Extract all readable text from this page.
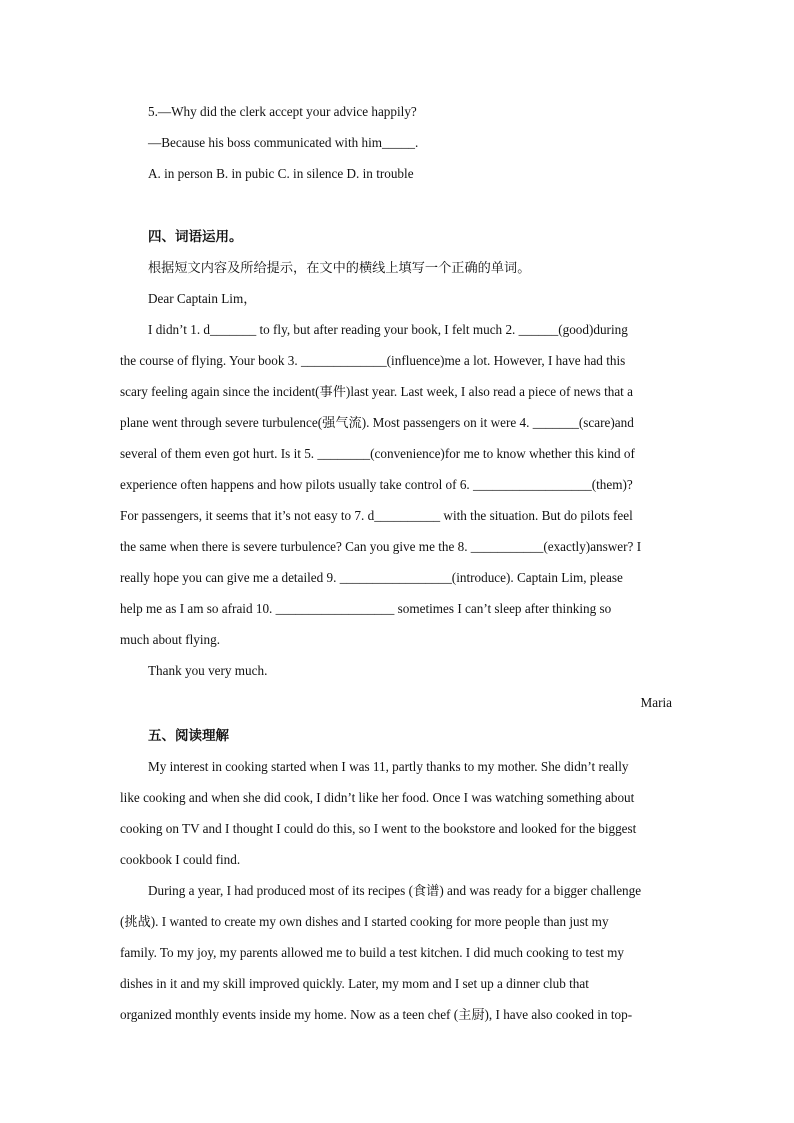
5.—Why did the clerk accept your advice happily?
—Because his boss communicated with him_____.
A. in person B. in pubic C. in silence D. in trouble
四、词语运用。
根据短文内容及所给提示，在文中的横线上填写一个正确的单词。
Dear Captain Lim，
I didn’t 1. d_______ to fly, but after reading your book, I felt much 2. ______(good)during
the course of flying. Your book 3. _____________(influence)me a lot. However, I have had this
scary feeling again since the incident(事件)last year. Last week, I also read a piece of news that a
plane went through severe turbulence(强气流). Most passengers on it were 4. _______(scare)and
several of them even got hurt. Is it 5. ________(convenience)for me to know whether this kind of
experience often happens and how pilots usually take control of 6. __________________(them)?
For passengers, it seems that it’s not easy to 7. d__________ with the situation. But do pilots feel
the same when there is severe turbulence? Can you give me the 8. ___________(exactly)answer? I
really hope you can give me a detailed 9. _________________(introduce). Captain Lim, please
help me as I am so afraid 10. __________________ sometimes I can’t sleep after thinking so
much about flying.
Thank you very much.
Maria
五、阅读理解
My interest in cooking started when I was 11, partly thanks to my mother. She didn’t really
like cooking and when she did cook, I didn’t like her food. Once I was watching something about
cooking on TV and I thought I could do this, so I went to the bookstore and looked for the biggest
cookbook I could find.
During a year, I had produced most of its recipes (食谱) and was ready for a bigger challenge
(挑战). I wanted to create my own dishes and I started cooking for more people than just my
family. To my joy, my parents allowed me to build a test kitchen. I did much cooking to test my
dishes in it and my skill improved quickly. Later, my mom and I set up a dinner club that
organized monthly events inside my home. Now as a teen chef (主厨), I have also cooked in top-
